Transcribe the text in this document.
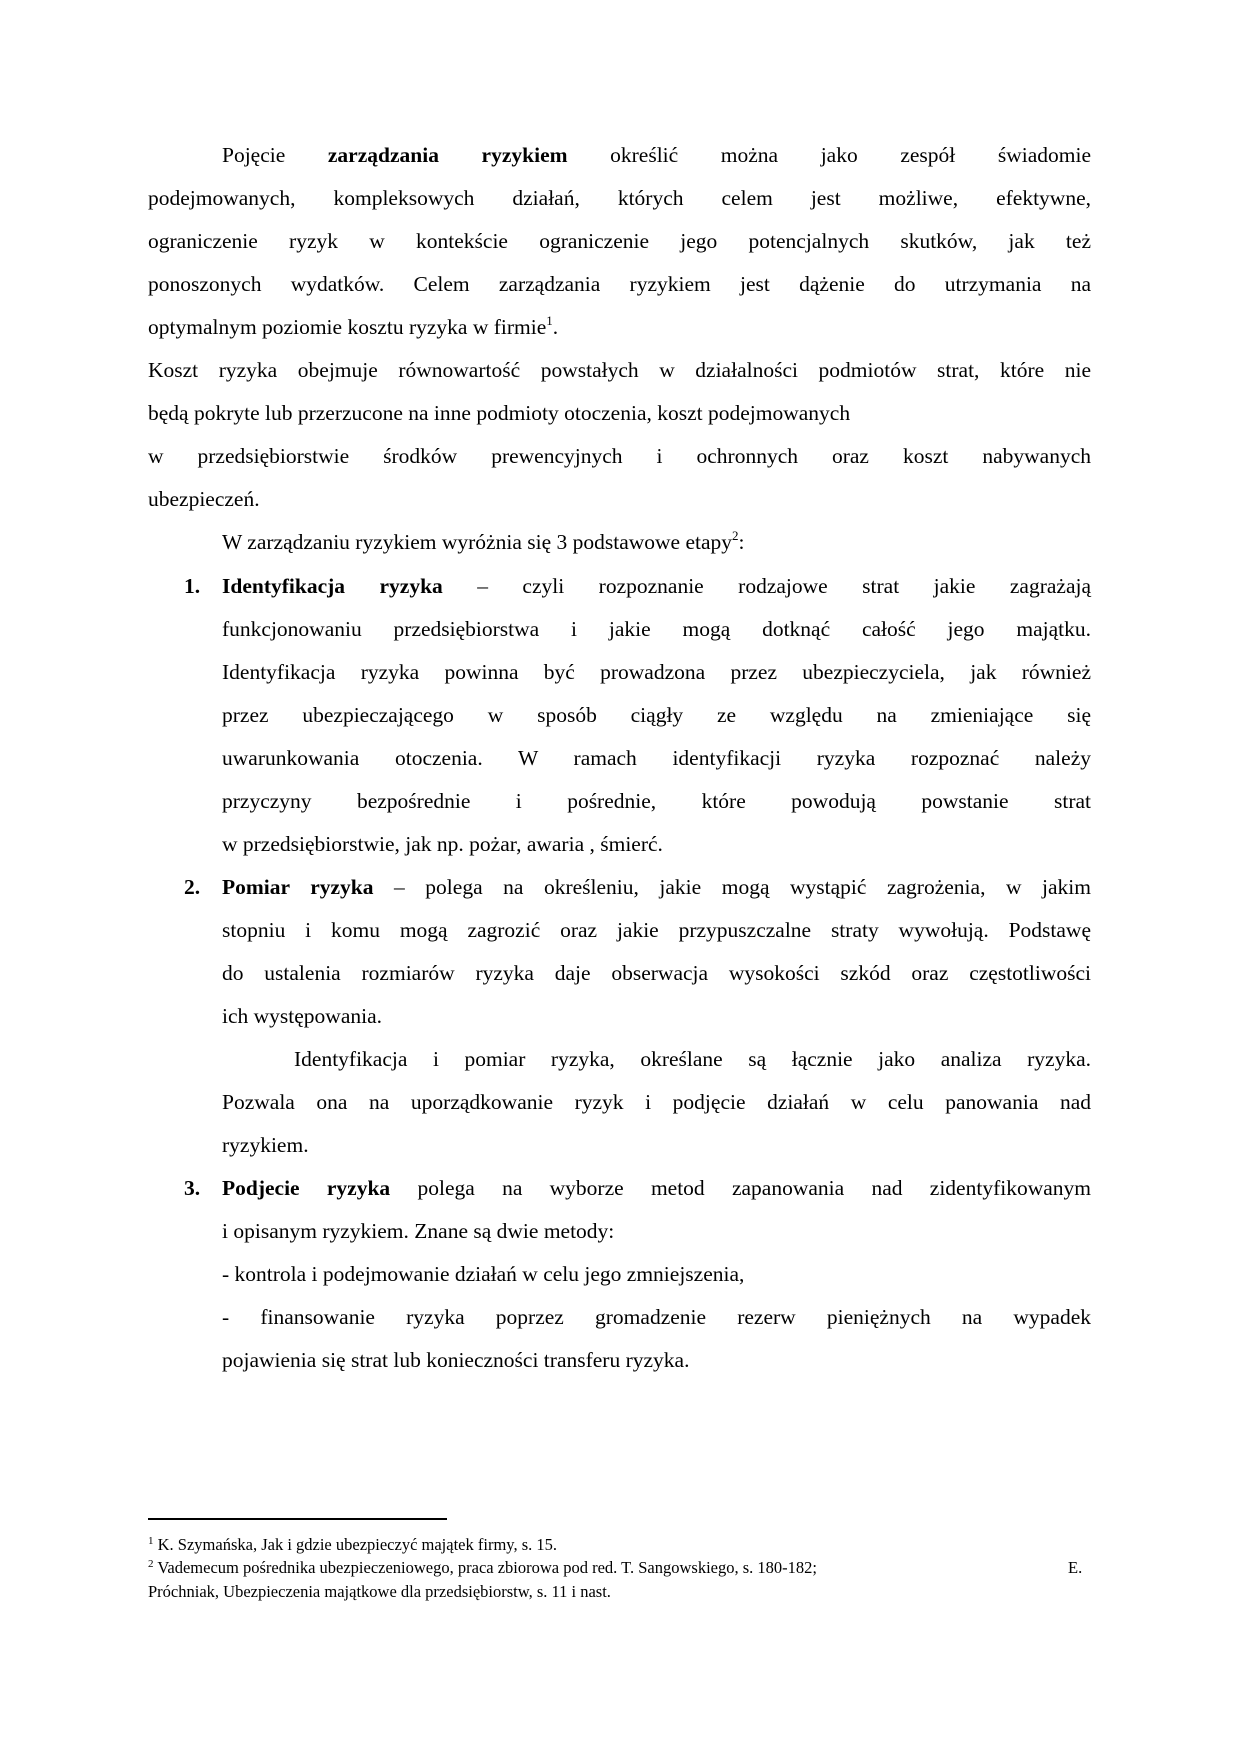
Pojęcie zarządzania ryzykiem określić można jako zespół świadomie
podejmowanych, kompleksowych działań, których celem jest możliwe, efektywne,
ograniczenie ryzyk w kontekście ograniczenie jego potencjalnych skutków, jak też
ponoszonych wydatków. Celem zarządzania ryzykiem jest dążenie do utrzymania na
optymalnym poziomie kosztu ryzyka w firmie$^1$.
Koszt ryzyka obejmuje równowartość powstałych w działalności podmiotów strat, które nie
będą pokryte lub przerzucone na inne podmioty otoczenia, koszt podejmowanych
w przedsiębiorstwie środków prewencyjnych i ochronnych oraz koszt nabywanych
ubezpieczeń.
W zarządzaniu ryzykiem wyróżnia się 3 podstawowe etapy$^2$:
1. Identyfikacja ryzyka – czyli rozpoznanie rodzajowe strat jakie zagrażają
funkcjonowaniu przedsiębiorstwa i jakie mogą dotknąć całość jego majątku.
Identyfikacja ryzyka powinna być prowadzona przez ubezpieczyciela, jak również
przez ubezpieczającego w sposób ciągły ze względu na zmieniające się
uwarunkowania otoczenia. W ramach identyfikacji ryzyka rozpoznać należy
przyczyny bezpośrednie i pośrednie, które powodują powstanie strat
w przedsiębiorstwie, jak np. pożar, awaria , śmierć.
2. Pomiar ryzyka – polega na określeniu, jakie mogą wystąpić zagrożenia, w jakim
stopniu i komu mogą zagrozić oraz jakie przypuszczalne straty wywołują. Podstawę
do ustalenia rozmiarów ryzyka daje obserwacja wysokości szkód oraz częstotliwości
ich występowania.
Identyfikacja i pomiar ryzyka, określane są łącznie jako analiza ryzyka.
Pozwala ona na uporządkowanie ryzyk i podjęcie działań w celu panowania nad
ryzykiem.
3. Podjecie ryzyka polega na wyborze metod zapanowania nad zidentyfikowanym
i opisanym ryzykiem. Znane są dwie metody:
- kontrola i podejmowanie działań w celu jego zmniejszenia,
- finansowanie ryzyka poprzez gromadzenie rezerw pieniężnych na wypadek
pojawienia się strat lub konieczności transferu ryzyka.
$^1$ K. Szymańska, Jak i gdzie ubezpieczyć majątek firmy, s. 15.
$^2$ Vademecum pośrednika ubezpieczeniowego, praca zbiorowa pod red. T. Sangowskiego, s. 180-182;	E.
Próchniak, Ubezpieczenia majątkowe dla przedsiębiorstw, s. 11 i nast.
